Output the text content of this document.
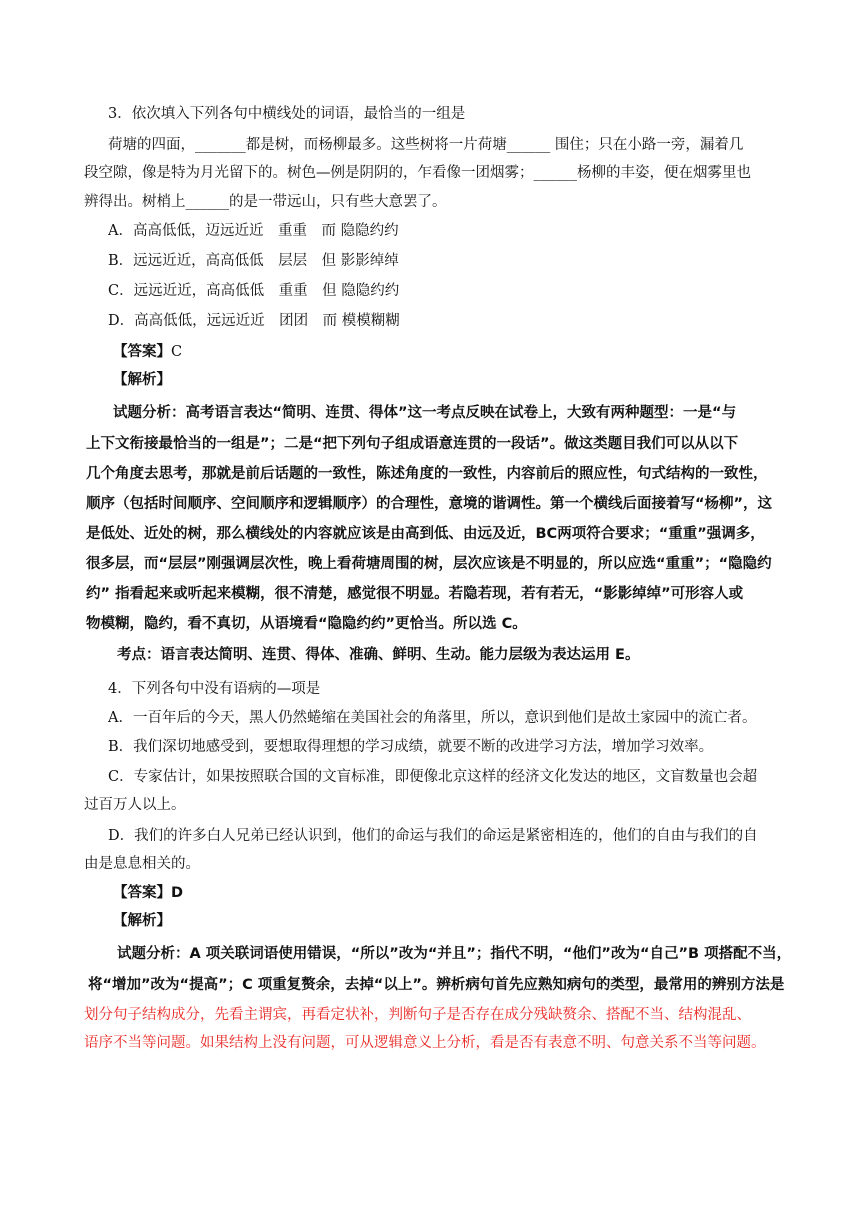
3．依次填入下列各句中横线处的词语，最恰当的一组是
荷塘的四面，_______都是树，而杨柳最多。这些树将一片荷塘______ 围住；只在小路一旁，漏着几
段空隙，像是特为月光留下的。树色—例是阴阴的，乍看像一团烟雾；______杨柳的丰姿，便在烟雾里也
辨得出。树梢上______的是一带远山，只有些大意罢了。
A．高高低低，迈远近近　重重　而 隐隐约约
B．远远近近，高高低低　层层　但 影影绰绰
C．远远近近，高高低低　重重　但 隐隐约约
D．高高低低，远远近近　团团　而 模模糊糊
【答案】C
【解析】
试题分析：高考语言表达“简明、连贯、得体”这一考点反映在试卷上，大致有两种题型：一是“与
上下文衔接最恰当的一组是”；二是“把下列句子组成语意连贯的一段话”。做这类题目我们可以从以下
几个角度去思考，那就是前后话题的一致性，陈述角度的一致性，内容前后的照应性，句式结构的一致性，
顺序（包括时间顺序、空间顺序和逻辑顺序）的合理性，意境的谐调性。第一个横线后面接着写“杨柳”，这
是低处、近处的树，那么横线处的内容就应该是由高到低、由远及近，BC两项符合要求；“重重”强调多，
很多层，而“层层”刚强调层次性，晚上看荷塘周围的树，层次应该是不明显的，所以应选“重重”；“隐隐约
约” 指看起来或听起来模糊，很不清楚，感觉很不明显。若隐若现，若有若无，“影影绰绰”可形容人或
物模糊，隐约，看不真切，从语境看“隐隐约约”更恰当。所以选 C。
考点：语言表达简明、连贯、得体、准确、鲜明、生动。能力层级为表达运用 E。
4．下列各句中没有语病的—项是
A．一百年后的今天，黑人仍然蜷缩在美国社会的角落里，所以，意识到他们是故土家园中的流亡者。
B．我们深切地感受到，要想取得理想的学习成绩，就要不断的改进学习方法，增加学习效率。
C．专家估计，如果按照联合国的文盲标准，即便像北京这样的经济文化发达的地区，文盲数量也会超
过百万人以上。
D．我们的许多白人兄弟已经认识到，他们的命运与我们的命运是紧密相连的，他们的自由与我们的自
由是息息相关的。
【答案】D
【解析】
试题分析：A 项关联词语使用错误，“所以”改为“并且”；指代不明，“他们”改为“自己”B 项搭配不当，
将“增加”改为“提高”；C 项重复赘余，去掉“以上”。辨析病句首先应熟知病句的类型，最常用的辨别方法是
划分句子结构成分，先看主谓宾，再看定状补，判断句子是否存在成分残缺赘余、搭配不当、结构混乱、
语序不当等问题。如果结构上没有问题，可从逻辑意义上分析，看是否有表意不明、句意关系不当等问题。
